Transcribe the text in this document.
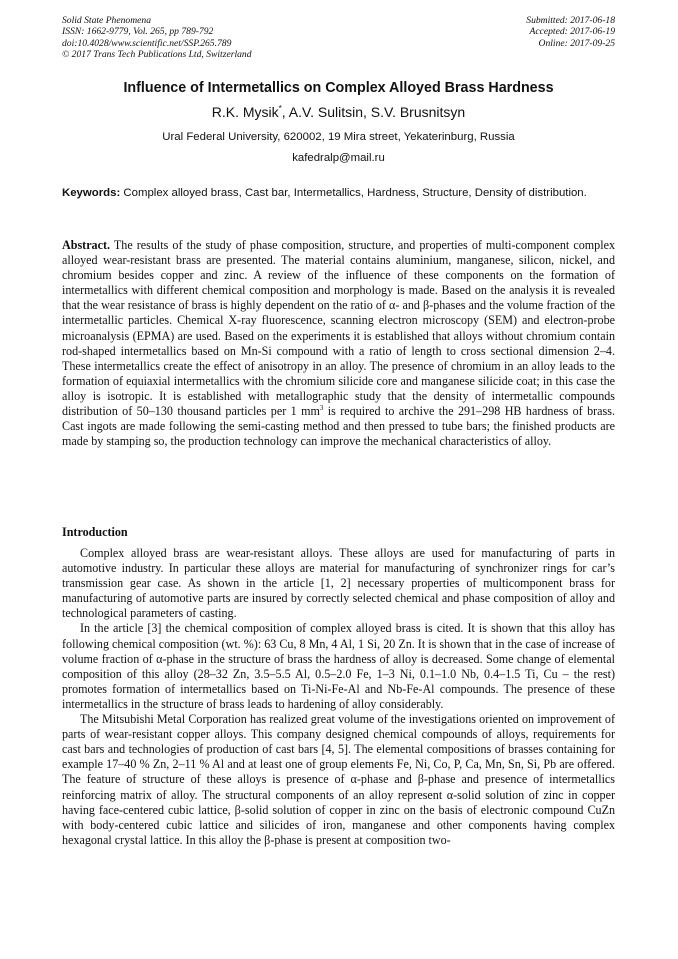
Solid State Phenomena
ISSN: 1662-9779, Vol. 265, pp 789-792
doi:10.4028/www.scientific.net/SSP.265.789
© 2017 Trans Tech Publications Ltd, Switzerland
Submitted: 2017-06-18
Accepted: 2017-06-19
Online: 2017-09-25
Influence of Intermetallics on Complex Alloyed Brass Hardness
R.K. Mysik*, A.V. Sulitsin, S.V. Brusnitsyn
Ural Federal University, 620002, 19 Mira street, Yekaterinburg, Russia
kafedralp@mail.ru
Keywords: Complex alloyed brass, Cast bar, Intermetallics, Hardness, Structure, Density of distribution.
Abstract. The results of the study of phase composition, structure, and properties of multi-component complex alloyed wear-resistant brass are presented. The material contains aluminium, manganese, silicon, nickel, and chromium besides copper and zinc. A review of the influence of these components on the formation of intermetallics with different chemical composition and morphology is made. Based on the analysis it is revealed that the wear resistance of brass is highly dependent on the ratio of α- and β-phases and the volume fraction of the intermetallic particles. Chemical X-ray fluorescence, scanning electron microscopy (SEM) and electron-probe microanalysis (EPMA) are used. Based on the experiments it is established that alloys without chromium contain rod-shaped intermetallics based on Mn-Si compound with a ratio of length to cross sectional dimension 2–4. These intermetallics create the effect of anisotropy in an alloy. The presence of chromium in an alloy leads to the formation of equiaxial intermetallics with the chromium silicide core and manganese silicide coat; in this case the alloy is isotropic. It is established with metallographic study that the density of intermetallic compounds distribution of 50–130 thousand particles per 1 $mm^3$ is required to archive the 291–298 HB hardness of brass. Cast ingots are made following the semi-casting method and then pressed to tube bars; the finished products are made by stamping so, the production technology can improve the mechanical characteristics of alloy.
Introduction

Complex alloyed brass are wear-resistant alloys. These alloys are used for manufacturing of parts in automotive industry. In particular these alloys are material for manufacturing of synchronizer rings for car’s transmission gear case. As shown in the article [1, 2] necessary properties of multicomponent brass for manufacturing of automotive parts are insured by correctly selected chemical and phase composition of alloy and technological parameters of casting.

In the article [3] the chemical composition of complex alloyed brass is cited. It is shown that this alloy has following chemical composition (wt. %): 63 Cu, 8 Mn, 4 Al, 1 Si, 20 Zn. It is shown that in the case of increase of volume fraction of α-phase in the structure of brass the hardness of alloy is decreased. Some change of elemental composition of this alloy (28–32 Zn, 3.5–5.5 Al, 0.5–2.0 Fe, 1–3 Ni, 0.1–1.0 Nb, 0.4–1.5 Ti, Cu – the rest) promotes formation of intermetallics based on Ti-Ni-Fe-Al and Nb-Fe-Al compounds. The presence of these intermetallics in the structure of brass leads to hardening of alloy considerably.

The Mitsubishi Metal Corporation has realized great volume of the investigations oriented on improvement of parts of wear-resistant copper alloys. This company designed chemical compounds of alloys, requirements for cast bars and technologies of production of cast bars [4, 5]. The elemental compositions of brasses containing for example 17–40 % Zn, 2–11 % Al and at least one of group elements Fe, Ni, Co, P, Ca, Mn, Sn, Si, Pb are offered. The feature of structure of these alloys is presence of α-phase and β-phase and presence of intermetallics reinforcing matrix of alloy. The structural components of an alloy represent α-solid solution of zinc in copper having face-centered cubic lattice, β-solid solution of copper in zinc on the basis of electronic compound CuZn with body-centered cubic lattice and silicides of iron, manganese and other components having complex hexagonal crystal lattice. In this alloy the β-phase is present at composition two-
